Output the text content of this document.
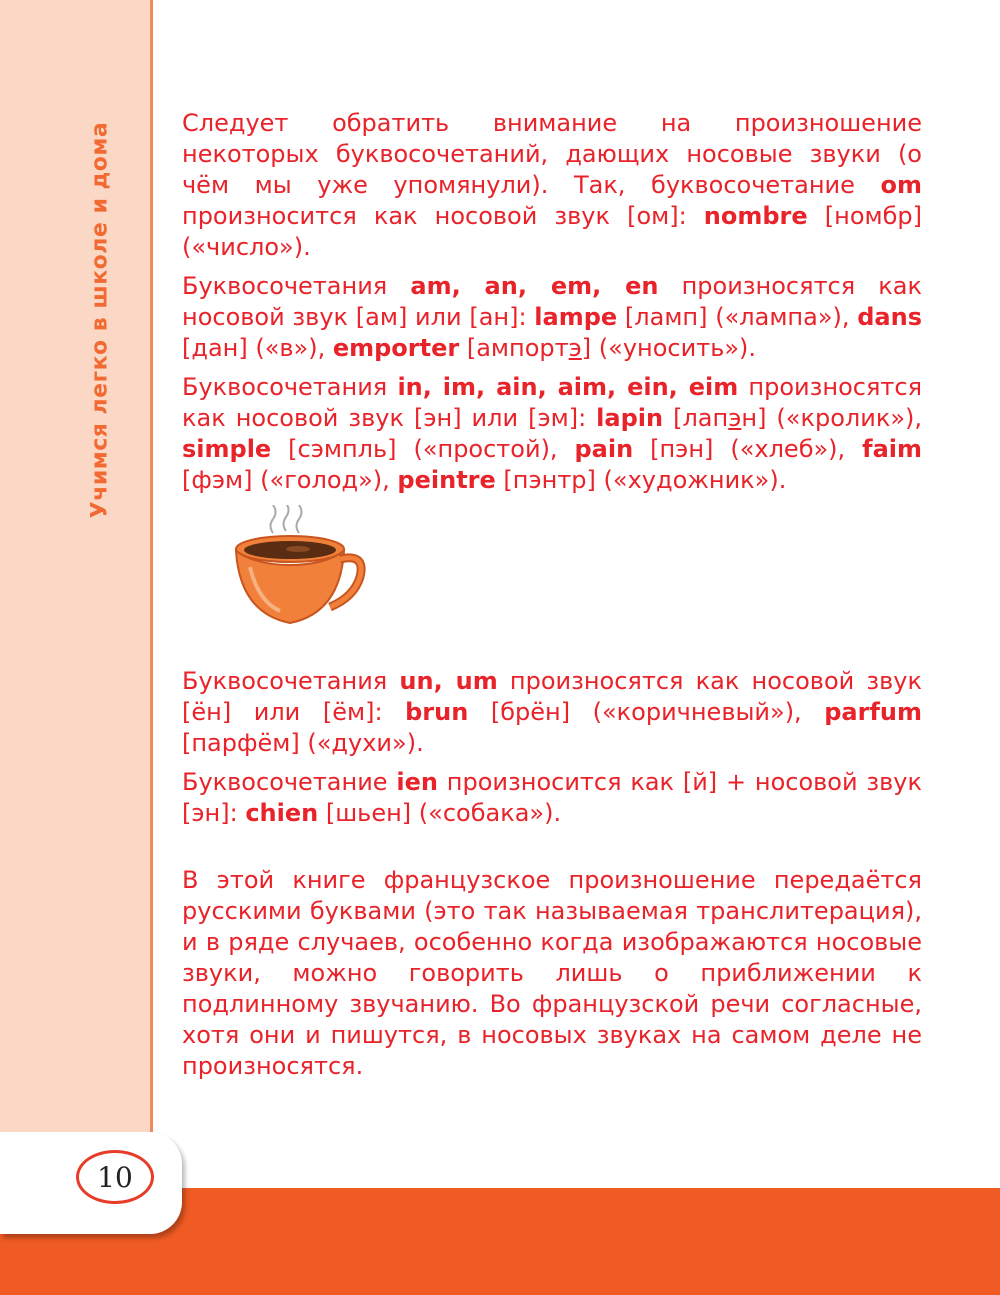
Учимся легко в школе и дома
10

Следует обратить внимание на произношение некоторых буквосочетаний, дающих носовые звуки (о чём мы уже упомянули). Так, буквосочетание om произносится как носовой звук [ом]: nombre [номбр] («число»).

Буквосочетания am, an, em, en произносятся как носовой звук [ам] или [ан]: lampe [ламп] («лампа»), dans [дан] («в»), emporter [ампортэ] («уносить»).

Буквосочетания in, im, ain, aim, ein, eim произносятся как носовой звук [эн] или [эм]: lapin [лапэн] («кролик»), simple [сэмпль] («простой), pain [пэн] («хлеб»), faim [фэм] («голод»), peintre [пэнтр] («художник»).

Буквосочетания un, um произносятся как носовой звук [ён] или [ём]: brun [брён] («коричневый»), parfum [парфём] («духи»).

Буквосочетание ien произносится как [й] + носовой звук [эн]: chien [шьен] («собака»).

В этой книге французское произношение передаётся русскими буквами (это так называемая транслитерация), и в ряде случаев, особенно когда изображаются носовые звуки, можно говорить лишь о приближении к подлинному звучанию. Во французской речи согласные, хотя они и пишутся, в носовых звуках на самом деле не произносятся.
